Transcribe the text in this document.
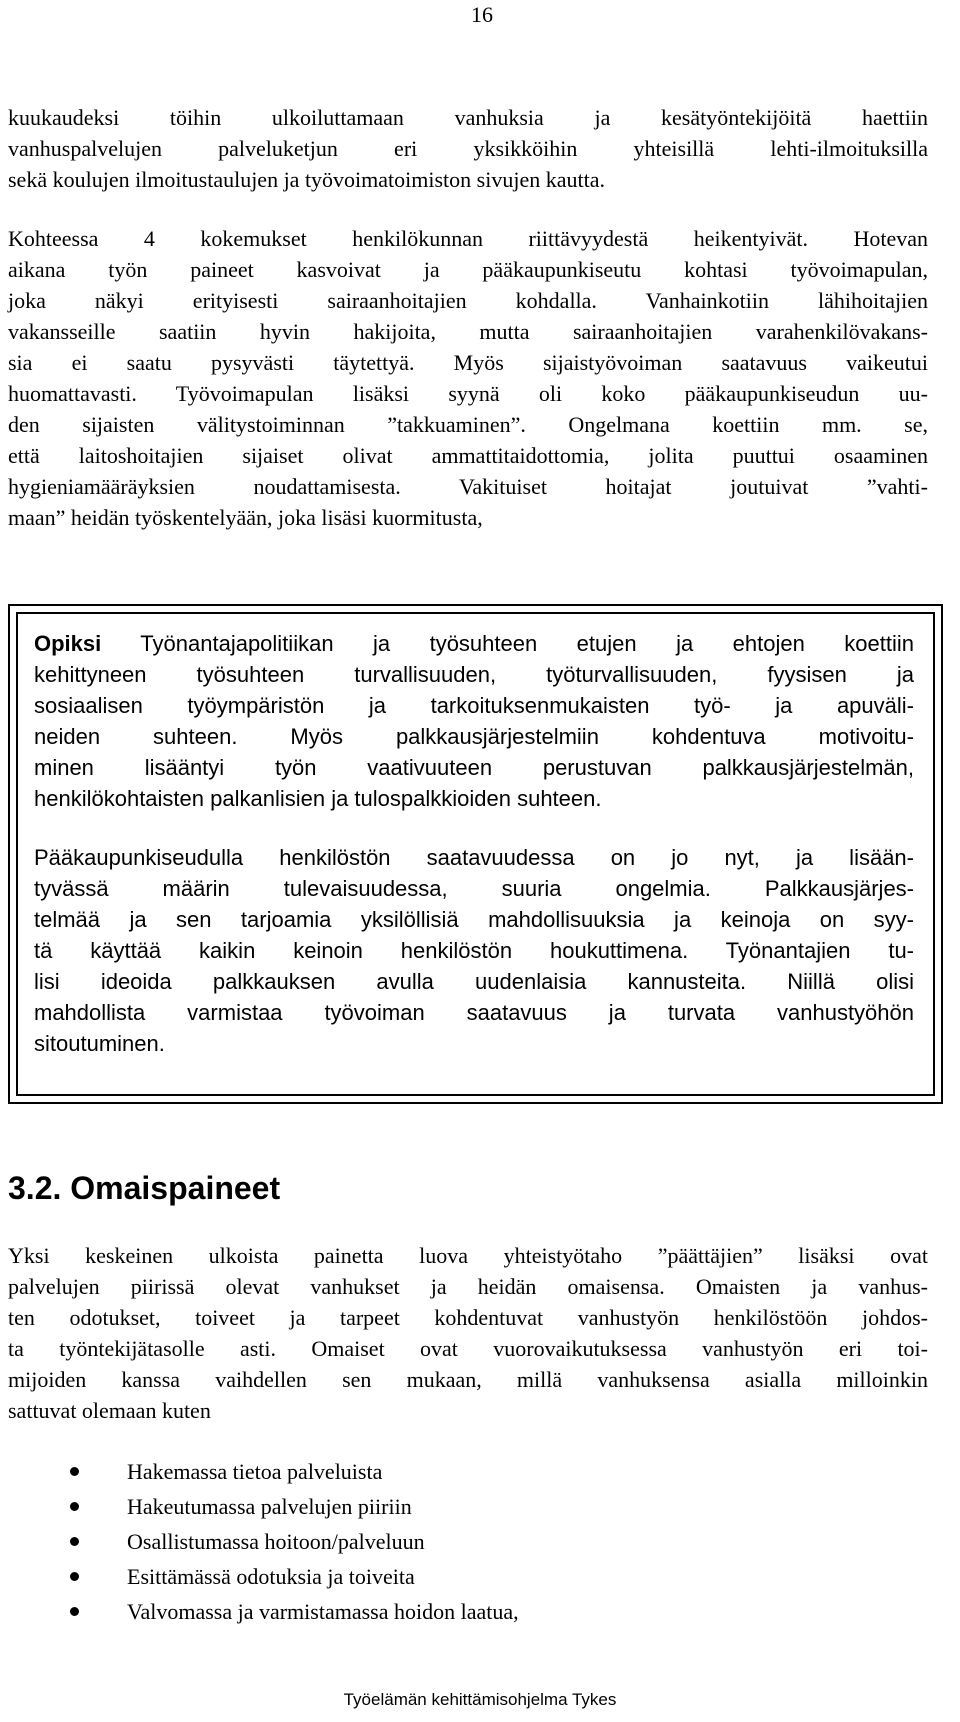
16
kuukaudeksi töihin ulkoiluttamaan vanhuksia ja kesätyöntekijöitä haettiin
vanhuspalvelujen palveluketjun eri yksikköihin yhteisillä lehti-ilmoituksilla
sekä koulujen ilmoitustaulujen ja työvoimatoimiston sivujen kautta.
Kohteessa 4 kokemukset henkilökunnan riittävyydestä heikentyivät. Hotevan
aikana työn paineet kasvoivat ja pääkaupunkiseutu kohtasi työvoimapulan,
joka näkyi erityisesti sairaanhoitajien kohdalla. Vanhainkotiin lähihoitajien
vakansseille saatiin hyvin hakijoita, mutta sairaanhoitajien varahenkilövakans-
sia ei saatu pysyvästi täytettyä. Myös sijaistyövoiman saatavuus vaikeutui
huomattavasti. Työvoimapulan lisäksi syynä oli koko pääkaupunkiseudun uu-
den sijaisten välitystoiminnan ”takkuaminen”. Ongelmana koettiin mm. se,
että laitoshoitajien sijaiset olivat ammattitaidottomia, jolita puuttui osaaminen
hygieniamääräyksien noudattamisesta. Vakituiset hoitajat joutuivat ”vahti-
maan” heidän työskentelyään, joka lisäsi kuormitusta,
Opiksi Työnantajapolitiikan ja työsuhteen etujen ja ehtojen koettiin
kehittyneen työsuhteen turvallisuuden, työturvallisuuden, fyysisen ja
sosiaalisen työympäristön ja tarkoituksenmukaisten työ- ja apuväli-
neiden suhteen. Myös palkkausjärjestelmiin kohdentuva motivoitu-
minen lisääntyi työn vaativuuteen perustuvan palkkausjärjestelmän,
henkilökohtaisten palkanlisien ja tulospalkkioiden suhteen.
Pääkaupunkiseudulla henkilöstön saatavuudessa on jo nyt, ja lisään-
tyvässä määrin tulevaisuudessa, suuria ongelmia. Palkkausjärjes-
telmää ja sen tarjoamia yksilöllisiä mahdollisuuksia ja keinoja on syy-
tä käyttää kaikin keinoin henkilöstön houkuttimena. Työnantajien tu-
lisi ideoida palkkauksen avulla uudenlaisia kannusteita. Niillä olisi
mahdollista varmistaa työvoiman saatavuus ja turvata vanhustyöhön
sitoutuminen.
3.2. Omaispaineet
Yksi keskeinen ulkoista painetta luova yhteistyötaho ”päättäjien” lisäksi ovat
palvelujen piirissä olevat vanhukset ja heidän omaisensa. Omaisten ja vanhus-
ten odotukset, toiveet ja tarpeet kohdentuvat vanhustyön henkilöstöön johdos-
ta työntekijätasolle asti. Omaiset ovat vuorovaikutuksessa vanhustyön eri toi-
mijoiden kanssa vaihdellen sen mukaan, millä vanhuksensa asialla milloinkin
sattuvat olemaan kuten
Hakemassa tietoa palveluista
Hakeutumassa palvelujen piiriin
Osallistumassa hoitoon/palveluun
Esittämässä odotuksia ja toiveita
Valvomassa ja varmistamassa hoidon laatua,
Työelämän kehittämisohjelma Tykes
